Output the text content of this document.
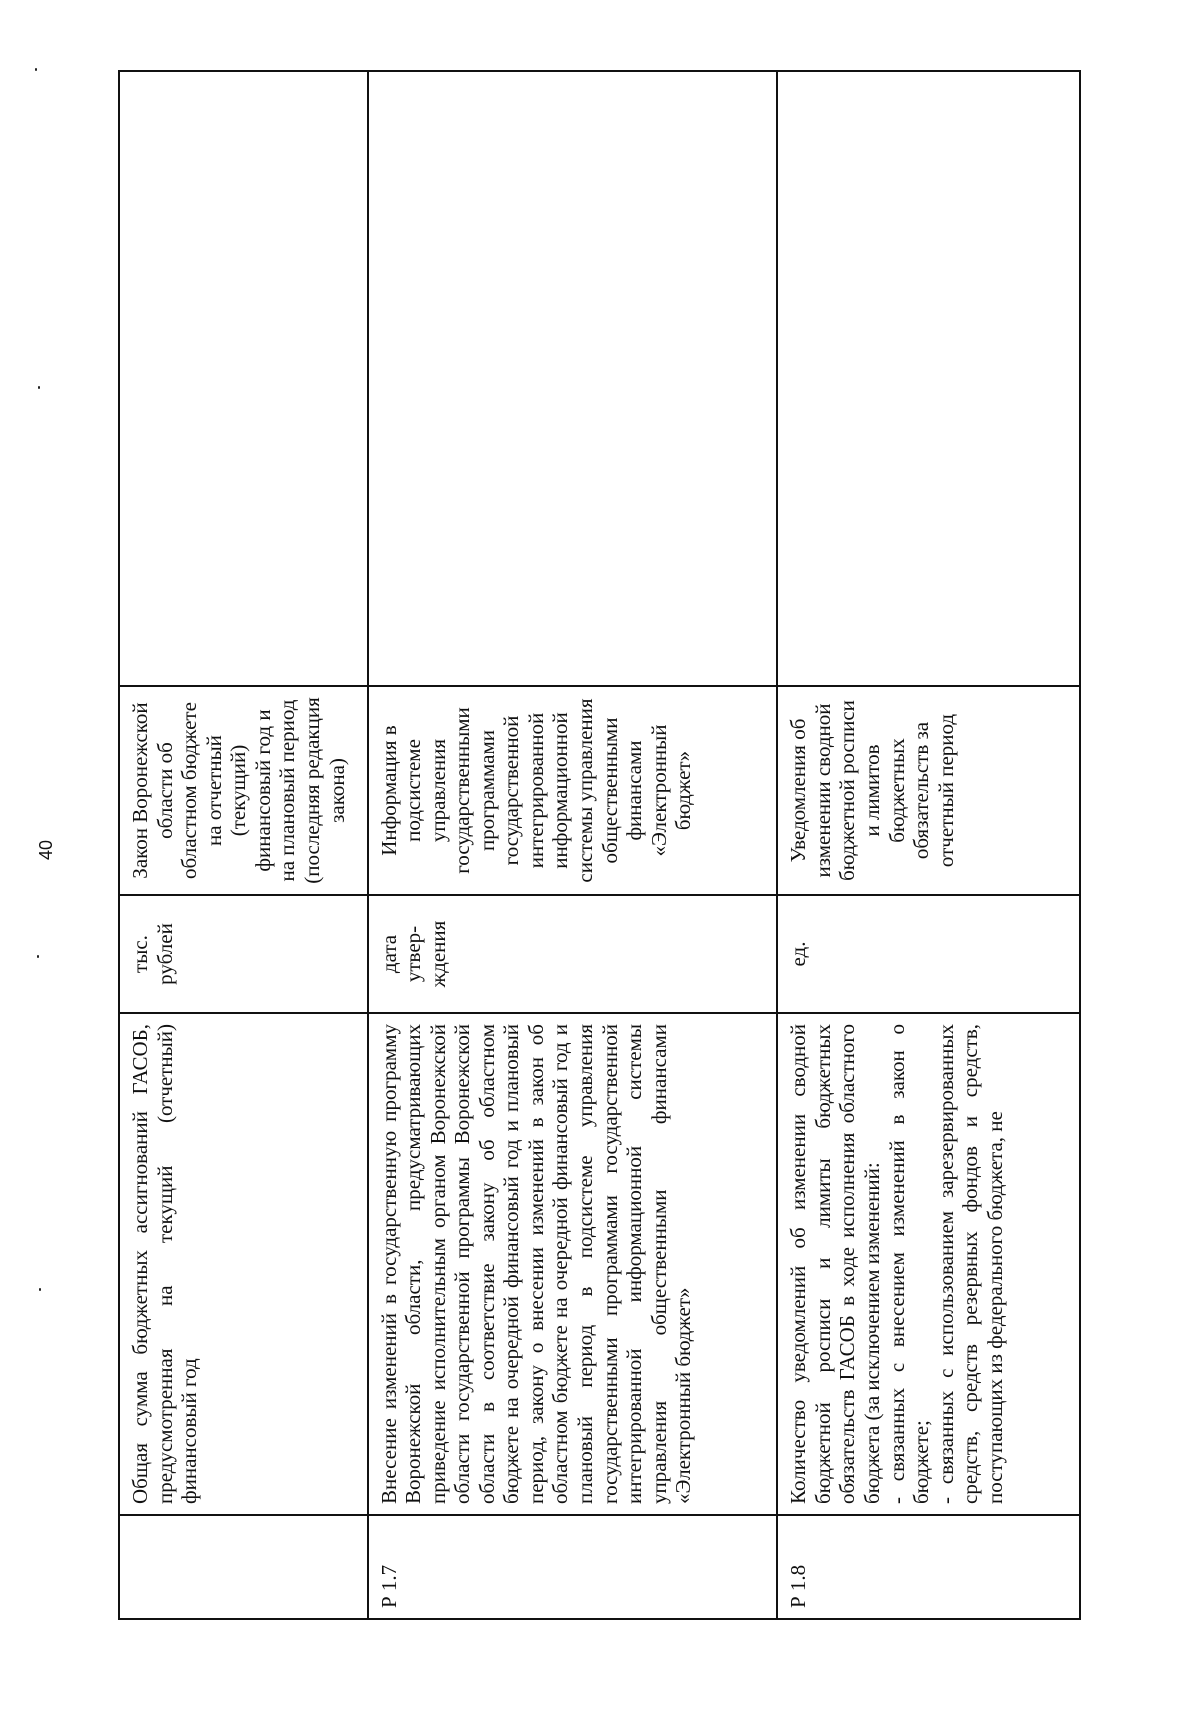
40
	Общая сумма бюджетных ассигнований ГАСОБ, предусмотренная на текущий (отчетный) финансовый год	тыс. рублей	Закон Воронежской области об областном бюджете на отчетный (текущий) финансовый год и на плановый период (последняя редакция закона)	
Р 1.7	Внесение изменений в государственную программу Воронежской области, предусматривающих приведение исполнительным органом Воронежской области государственной программы Воронежской области в соответствие закону об областном бюджете на очередной финансовый год и плановый период, закону о внесении изменений в закон об областном бюджете на очередной финансовый год и плановый период в подсистеме управления государственными программами государственной интегрированной информационной системы управления общественными финансами «Электронный бюджет»	дата утвер-ждения	Информация в подсистеме управления государственными программами государственной интегрированной информационной системы управления общественными финансами «Электронный бюджет»	
Р 1.8	Количество уведомлений об изменении сводной бюджетной росписи и лимиты бюджетных обязательств ГАСОБ в ходе исполнения областного бюджета (за исключением изменений: - связанных с внесением изменений в закон о бюджете; - связанных с использованием зарезервированных средств, средств резервных фондов и средств, поступающих из федерального бюджета, не	ед.	Уведомления об изменении сводной бюджетной росписи и лимитов бюджетных обязательств за отчетный период	
